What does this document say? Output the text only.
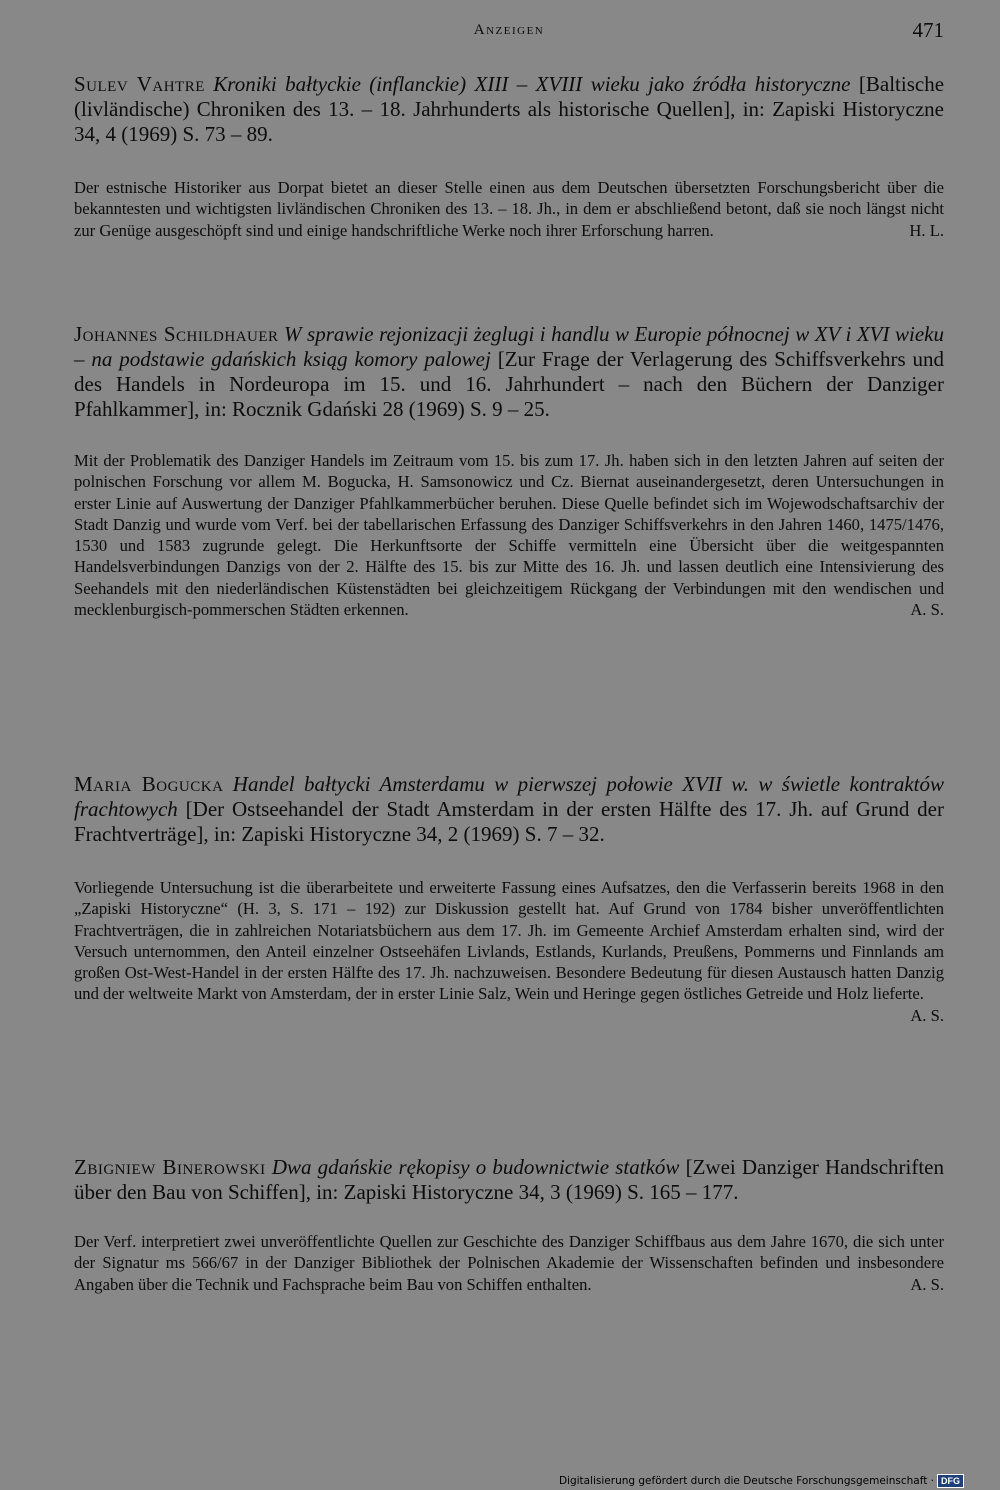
Anzeigen	471
Sulev Vahtre Kroniki bałtyckie (inflanckie) XIII – XVIII wieku jako źródła historyczne [Baltische (livländische) Chroniken des 13. – 18. Jahrhunderts als historische Quellen], in: Zapiski Historyczne 34, 4 (1969) S. 73 – 89.
Der estnische Historiker aus Dorpat bietet an dieser Stelle einen aus dem Deutschen übersetzten Forschungsbericht über die bekanntesten und wichtigsten livländischen Chroniken des 13. – 18. Jh., in dem er abschließend betont, daß sie noch längst nicht zur Genüge ausgeschöpft sind und einige handschriftliche Werke noch ihrer Erforschung harren.	H. L.
Johannes Schildhauer W sprawie rejonizacji żeglugi i handlu w Europie północnej w XV i XVI wieku – na podstawie gdańskich ksiąg komory palowej [Zur Frage der Verlagerung des Schiffsverkehrs und des Handels in Nordeuropa im 15. und 16. Jahrhundert – nach den Büchern der Danziger Pfahlkammer], in: Rocznik Gdański 28 (1969) S. 9 – 25.
Mit der Problematik des Danziger Handels im Zeitraum vom 15. bis zum 17. Jh. haben sich in den letzten Jahren auf seiten der polnischen Forschung vor allem M. Bogucka, H. Samsonowicz und Cz. Biernat auseinandergesetzt, deren Untersuchungen in erster Linie auf Auswertung der Danziger Pfahlkammerbücher beruhen. Diese Quelle befindet sich im Wojewodschaftsarchiv der Stadt Danzig und wurde vom Verf. bei der tabellarischen Erfassung des Danziger Schiffsverkehrs in den Jahren 1460, 1475/1476, 1530 und 1583 zugrunde gelegt. Die Herkunftsorte der Schiffe vermitteln eine Übersicht über die weitgespannten Handelsverbindungen Danzigs von der 2. Hälfte des 15. bis zur Mitte des 16. Jh. und lassen deutlich eine Intensivierung des Seehandels mit den niederländischen Küstenstädten bei gleichzeitigem Rückgang der Verbindungen mit den wendischen und mecklenburgisch-pommerschen Städten erkennen.	A. S.
Maria Bogucka Handel bałtycki Amsterdamu w pierwszej połowie XVII w. w świetle kontraktów frachtowych [Der Ostseehandel der Stadt Amsterdam in der ersten Hälfte des 17. Jh. auf Grund der Frachtverträge], in: Zapiski Historyczne 34, 2 (1969) S. 7 – 32.
Vorliegende Untersuchung ist die überarbeitete und erweiterte Fassung eines Aufsatzes, den die Verfasserin bereits 1968 in den „Zapiski Historyczne“ (H. 3, S. 171 – 192) zur Diskussion gestellt hat. Auf Grund von 1784 bisher unveröffentlichten Frachtverträgen, die in zahlreichen Notariatsbüchern aus dem 17. Jh. im Gemeente Archief Amsterdam erhalten sind, wird der Versuch unternommen, den Anteil einzelner Ostseehäfen Livlands, Estlands, Kurlands, Preußens, Pommerns und Finnlands am großen Ost-West-Handel in der ersten Hälfte des 17. Jh. nachzuweisen. Besondere Bedeutung für diesen Austausch hatten Danzig und der weltweite Markt von Amsterdam, der in erster Linie Salz, Wein und Heringe gegen östliches Getreide und Holz lieferte.
A. S.
Zbigniew Binerowski Dwa gdańskie rękopisy o budownictwie statków [Zwei Danziger Handschriften über den Bau von Schiffen], in: Zapiski Historyczne 34, 3 (1969) S. 165 – 177.
Der Verf. interpretiert zwei unveröffentlichte Quellen zur Geschichte des Danziger Schiffbaus aus dem Jahre 1670, die sich unter der Signatur ms 566/67 in der Danziger Bibliothek der Polnischen Akademie der Wissenschaften befinden und insbesondere Angaben über die Technik und Fachsprache beim Bau von Schiffen enthalten.	A. S.
Digitalisierung gefördert durch die Deutsche Forschungsgemeinschaft · DFG
